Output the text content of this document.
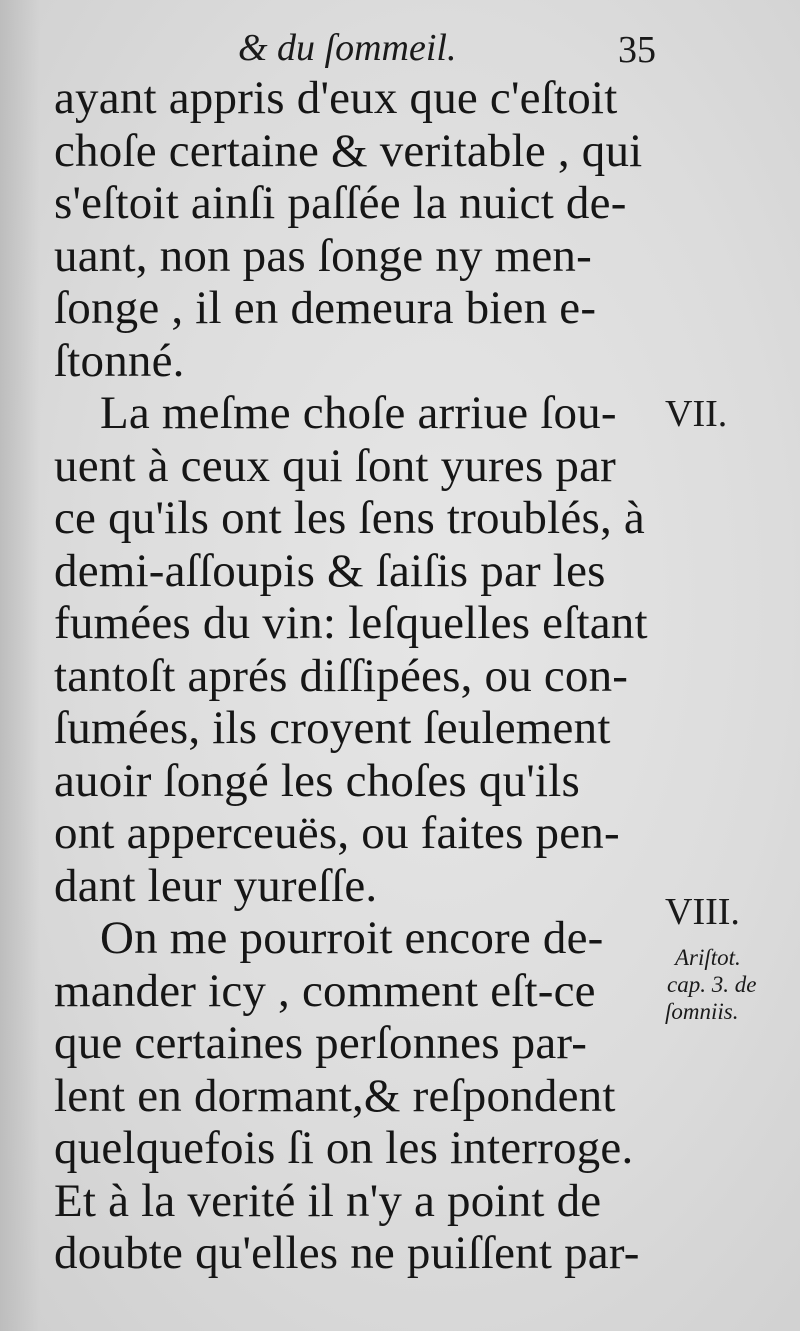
& du ſommeil.	35
ayant appris d'eux que c'eſtoit
choſe certaine & veritable , qui
s'eſtoit ainſi paſſée la nuict de-
uant, non pas ſonge ny men-
ſonge , il en demeura bien e-
ſtonné.
La meſme choſe arriue ſou-
uent à ceux qui ſont yures par
ce qu'ils ont les ſens troublés, à
demi-aſſoupis & ſaiſis par les
fumées du vin: leſquelles eſtant
tantoſt aprés diſſipées, ou con-
ſumées, ils croyent ſeulement
auoir ſongé les choſes qu'ils
ont apperceuës, ou faites pen-
dant leur yureſſe.
On me pourroit encore de-
mander icy , comment eſt-ce
que certaines perſonnes par-
lent en dormant,& reſpondent
quelquefois ſi on les interroge.
Et à la verité il n'y a point de
doubte qu'elles ne puiſſent par-
VII.
VIII.
Ariſtot.
cap. 3. de
ſomniis.
